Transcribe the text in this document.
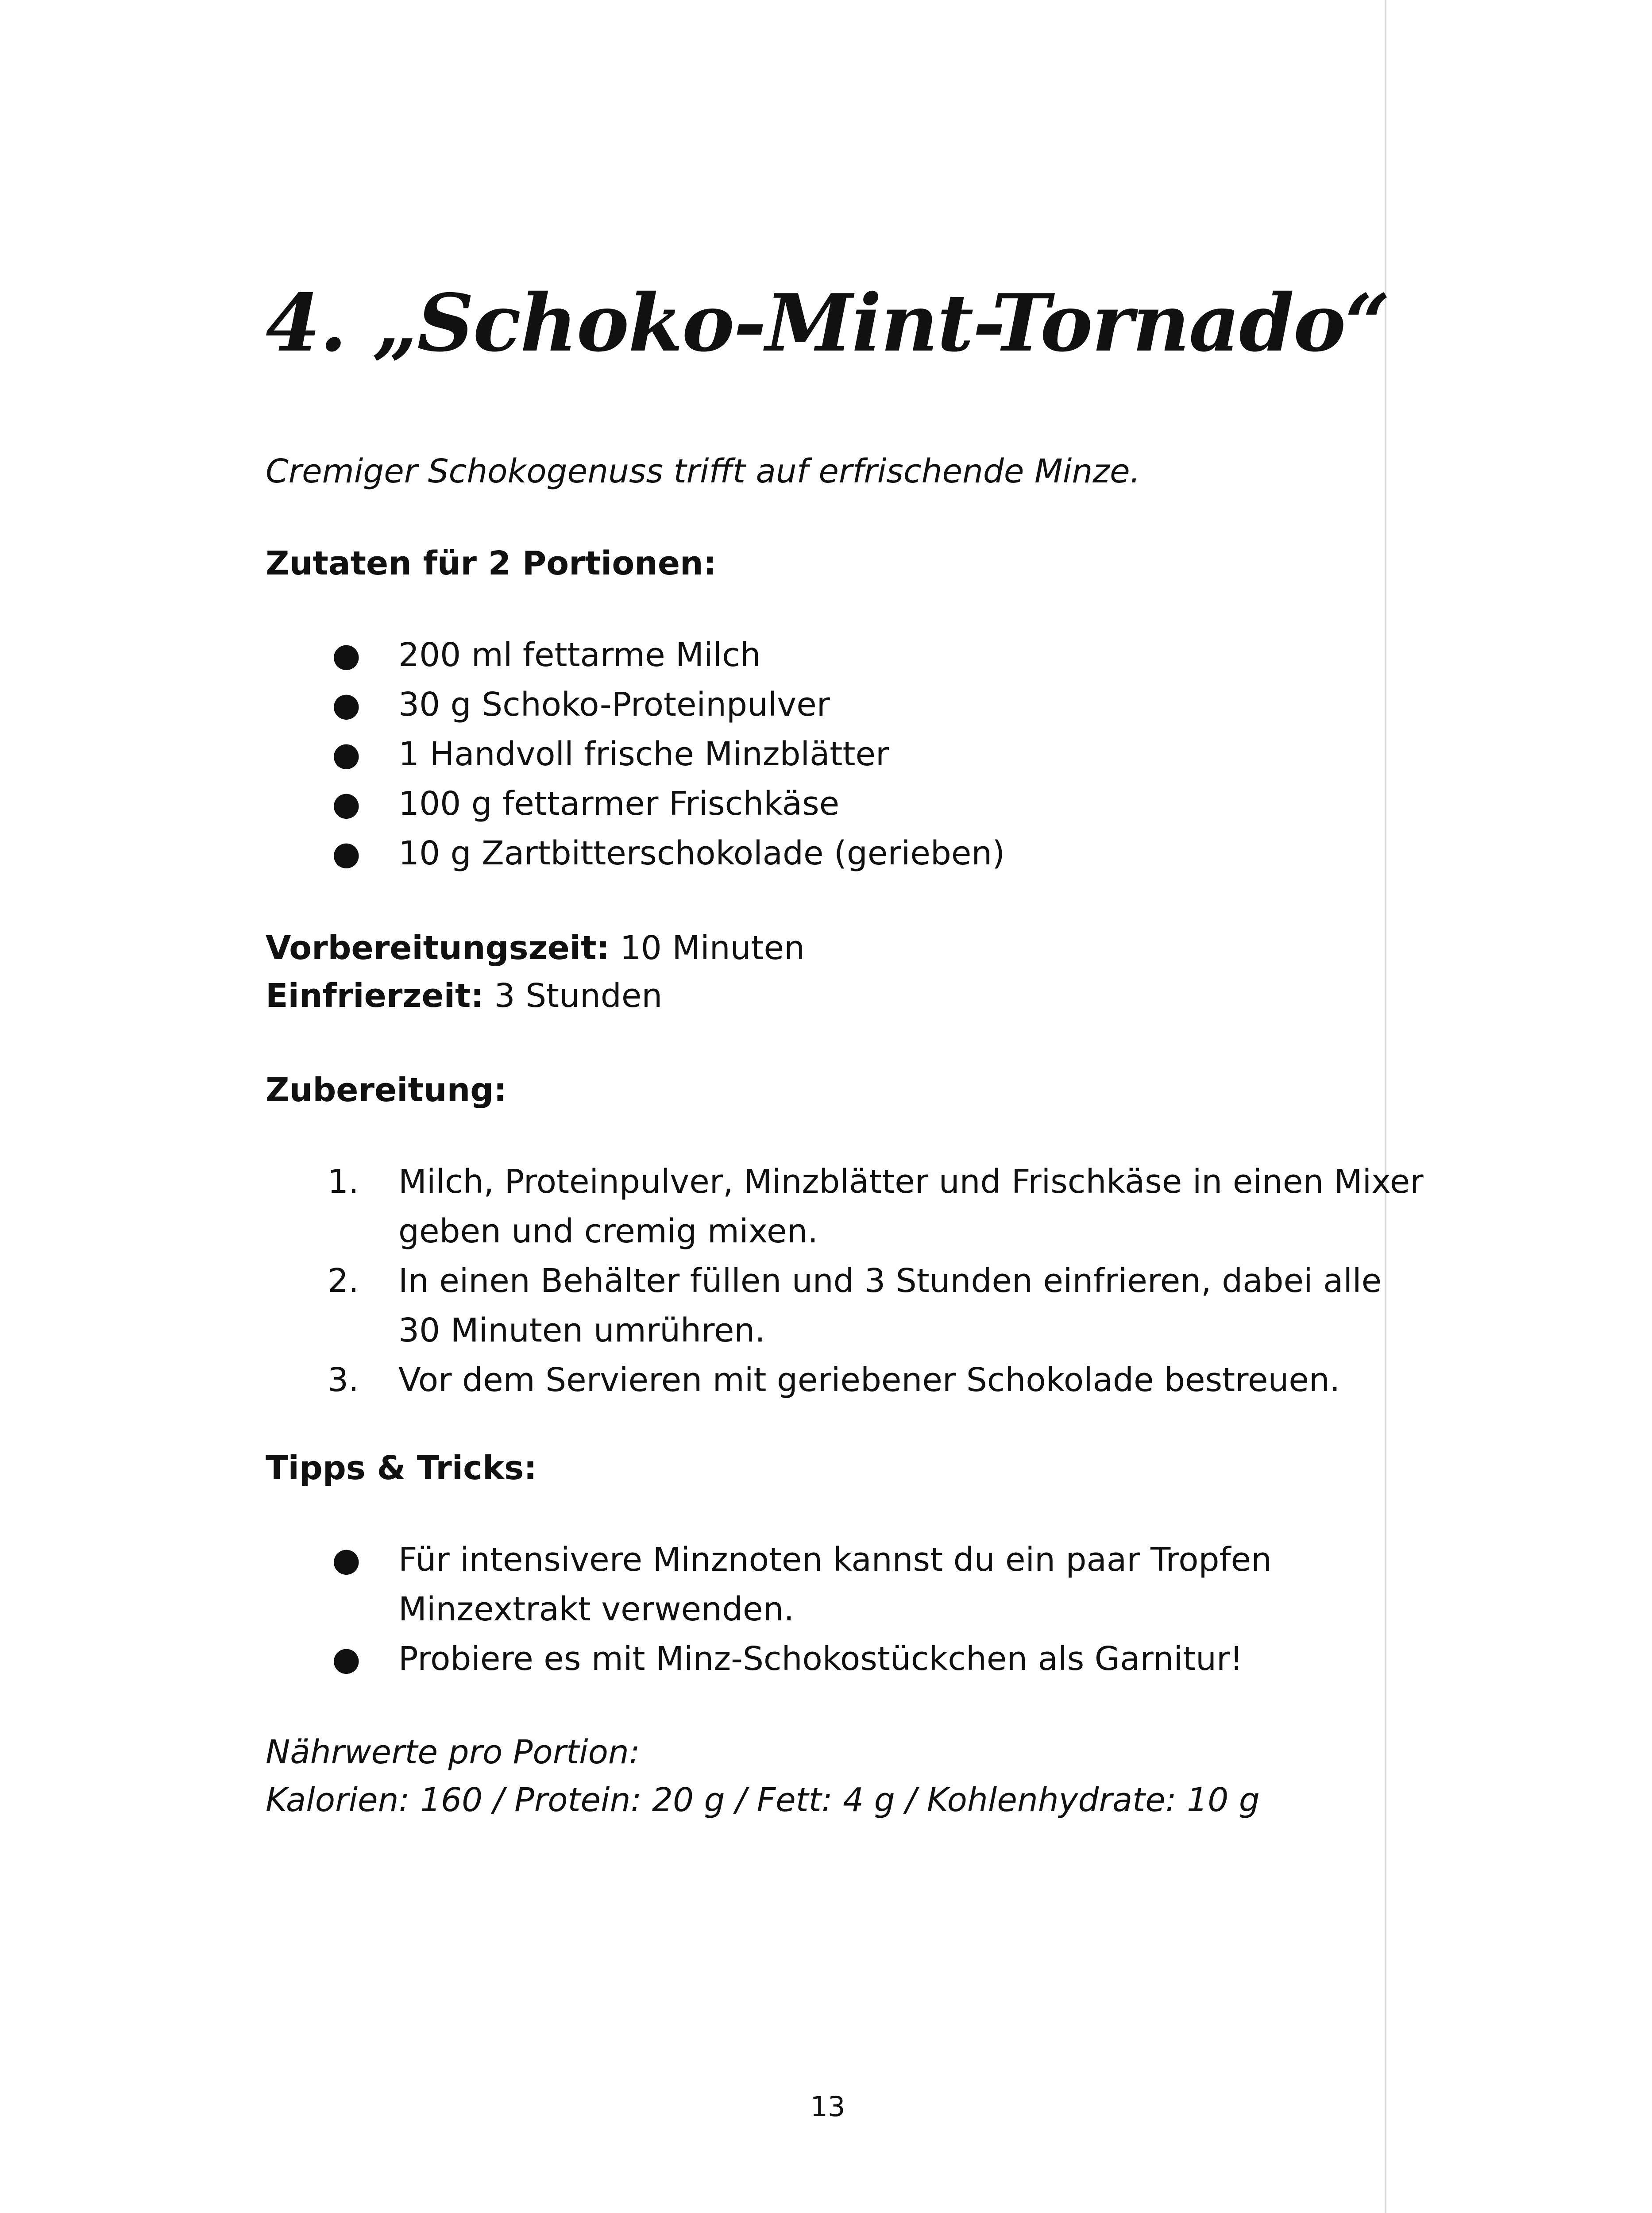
4. „Schoko-Mint-Tornado“

Cremiger Schokogenuss trifft auf erfrischende Minze.

Zutaten für 2 Portionen:

● 200 ml fettarme Milch
● 30 g Schoko-Proteinpulver
● 1 Handvoll frische Minzblätter
● 100 g fettarmer Frischkäse
● 10 g Zartbitterschokolade (gerieben)

Vorbereitungszeit: 10 Minuten

Einfrierzeit: 3 Stunden

Zubereitung:

1.	Milch, Proteinpulver, Minzblätter und Frischkäse in einen Mixer
geben und cremig mixen.
2.	In einen Behälter füllen und 3 Stunden einfrieren, dabei alle
30 Minuten umrühren.
3.	Vor dem Servieren mit geriebener Schokolade bestreuen.

Tipps & Tricks:

● Für intensivere Minznoten kannst du ein paar Tropfen
Minzextrakt verwenden.
● Probiere es mit Minz-Schokostückchen als Garnitur!

Nährwerte pro Portion:

Kalorien: 160 / Protein: 20 g / Fett: 4 g / Kohlenhydrate: 10 g

13
